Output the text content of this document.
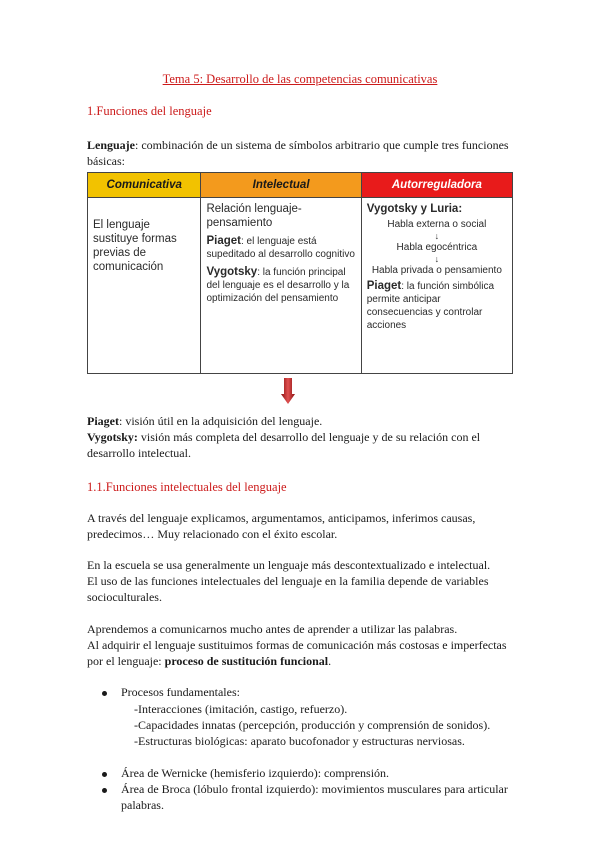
Tema 5: Desarrollo de las competencias comunicativas
1.Funciones del lenguaje
Lenguaje: combinación de un sistema de símbolos arbitrario que cumple tres funciones básicas:
Comunicativa
El lenguaje sustituye formas previas de comunicación
Intelectual
Relación lenguaje-pensamiento
Piaget: el lenguaje está supeditado al desarrollo cognitivo
Vygotsky: la función principal del lenguaje es el desarrollo y la optimización del pensamiento
Autorreguladora
Vygotsky y Luria:
Habla externa o social
↓
Habla egocéntrica
↓
Habla privada o pensamiento
Piaget: la función simbólica permite anticipar consecuencias y controlar acciones
Piaget: visión útil en la adquisición del lenguaje.
Vygotsky: visión más completa del desarrollo del lenguaje y de su relación con el desarrollo intelectual.
1.1.Funciones intelectuales del lenguaje
A través del lenguaje explicamos, argumentamos, anticipamos, inferimos causas, predecimos… Muy relacionado con el éxito escolar.
En la escuela se usa generalmente un lenguaje más descontextualizado e intelectual.
El uso de las funciones intelectuales del lenguaje en la familia depende de variables socioculturales.
Aprendemos a comunicarnos mucho antes de aprender a utilizar las palabras.
Al adquirir el lenguaje sustituimos formas de comunicación más costosas e imperfectas por el lenguaje: proceso de sustitución funcional.
Procesos fundamentales:
-Interacciones (imitación, castigo, refuerzo).
-Capacidades innatas (percepción, producción y comprensión de sonidos).
-Estructuras biológicas: aparato bucofonador y estructuras nerviosas.
Área de Wernicke (hemisferio izquierdo): comprensión.
Área de Broca (lóbulo frontal izquierdo): movimientos musculares para articular palabras.
